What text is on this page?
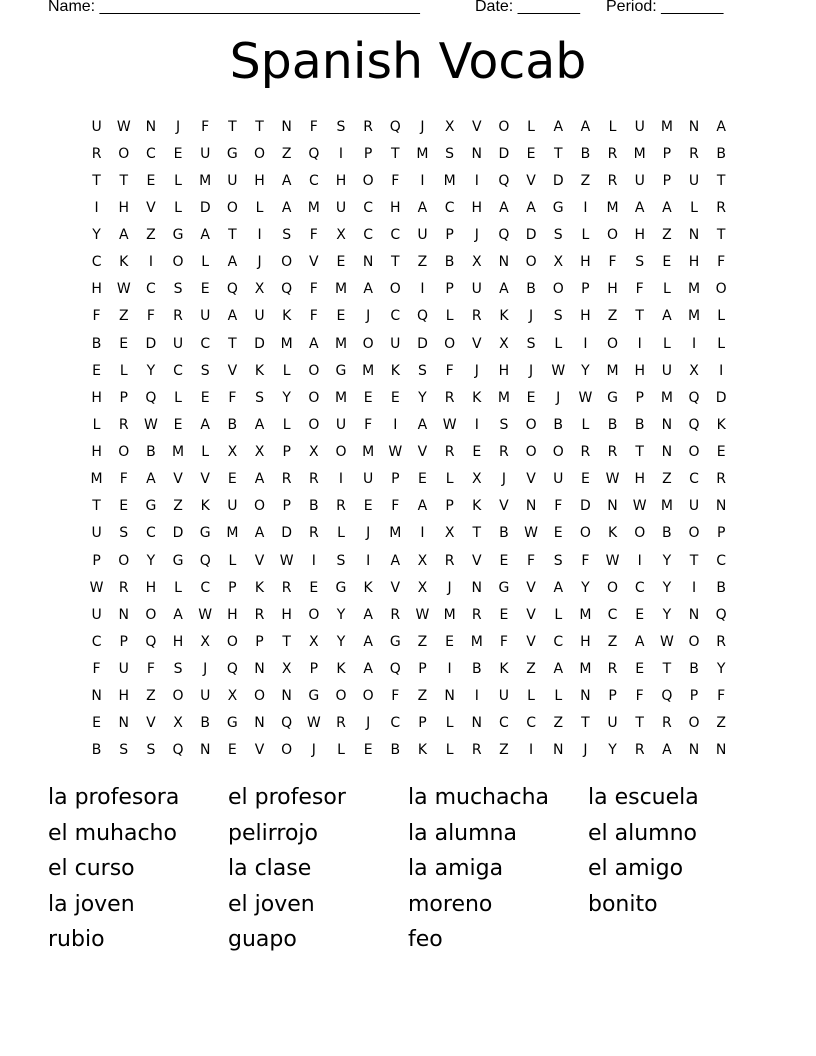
Name: ____________________________________

	Date: _______

Period: _______

Spanish Vocab
U	W	N	J	F	T	T	N	F	S	R	Q	J	X	V	O	L	A	A	L	U	M	N	A
R	O	C	E	U	G	O	Z	Q	I	P	T	M	S	N	D	E	T	B	R	M	P	R	B
T	T	E	L	M	U	H	A	C	H	O	F	I	M	I	Q	V	D	Z	R	U	P	U	T
I	H	V	L	D	O	L	A	M	U	C	H	A	C	H	A	A	G	I	M	A	A	L	R
Y	A	Z	G	A	T	I	S	F	X	C	C	U	P	J	Q	D	S	L	O	H	Z	N	T
C	K	I	O	L	A	J	O	V	E	N	T	Z	B	X	N	O	X	H	F	S	E	H	F
H	W	C	S	E	Q	X	Q	F	M	A	O	I	P	U	A	B	O	P	H	F	L	M	O
F	Z	F	R	U	A	U	K	F	E	J	C	Q	L	R	K	J	S	H	Z	T	A	M	L
B	E	D	U	C	T	D	M	A	M	O	U	D	O	V	X	S	L	I	O	I	L	I	L
E	L	Y	C	S	V	K	L	O	G	M	K	S	F	J	H	J	W	Y	M	H	U	X	I
H	P	Q	L	E	F	S	Y	O	M	E	E	Y	R	K	M	E	J	W	G	P	M	Q	D
L	R	W	E	A	B	A	L	O	U	F	I	A	W	I	S	O	B	L	B	B	N	Q	K
H	O	B	M	L	X	X	P	X	O	M	W	V	R	E	R	O	O	R	R	T	N	O	E
M	F	A	V	V	E	A	R	R	I	U	P	E	L	X	J	V	U	E	W	H	Z	C	R
T	E	G	Z	K	U	O	P	B	R	E	F	A	P	K	V	N	F	D	N	W	M	U	N
U	S	C	D	G	M	A	D	R	L	J	M	I	X	T	B	W	E	O	K	O	B	O	P
P	O	Y	G	Q	L	V	W	I	S	I	A	X	R	V	E	F	S	F	W	I	Y	T	C
W	R	H	L	C	P	K	R	E	G	K	V	X	J	N	G	V	A	Y	O	C	Y	I	B
U	N	O	A	W	H	R	H	O	Y	A	R	W	M	R	E	V	L	M	C	E	Y	N	Q
C	P	Q	H	X	O	P	T	X	Y	A	G	Z	E	M	F	V	C	H	Z	A	W	O	R
F	U	F	S	J	Q	N	X	P	K	A	Q	P	I	B	K	Z	A	M	R	E	T	B	Y
N	H	Z	O	U	X	O	N	G	O	O	F	Z	N	I	U	L	L	N	P	F	Q	P	F
E	N	V	X	B	G	N	Q	W	R	J	C	P	L	N	C	C	Z	T	U	T	R	O	Z
B	S	S	Q	N	E	V	O	J	L	E	B	K	L	R	Z	I	N	J	Y	R	A	N	N
la profesora	el profesor	la muchacha	la escuela
el muhacho	pelirrojo	la alumna	el alumno
el curso	la clase	la amiga	el amigo
la joven	el joven	moreno	bonito
rubio	guapo	feo
